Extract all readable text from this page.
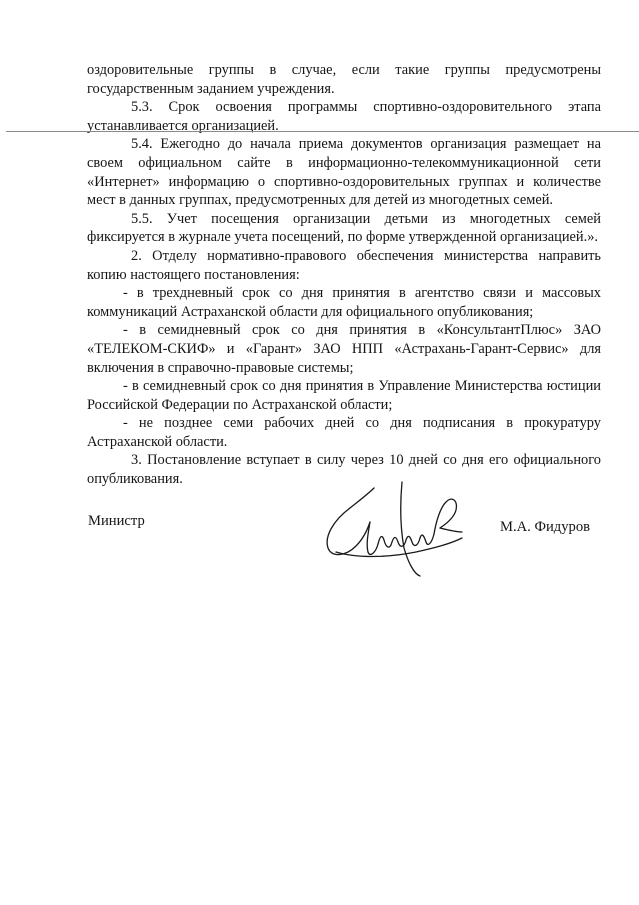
оздоровительные группы в случае, если такие группы предусмотрены государственным заданием учреждения.

5.3. Срок освоения программы спортивно-оздоровительного этапа устанавливается организацией.

5.4. Ежегодно до начала приема документов организация размещает на своем официальном сайте в информационно-телекоммуникационной сети «Интернет» информацию о спортивно-оздоровительных группах и количестве мест в данных группах, предусмотренных для детей из многодетных семей.

5.5. Учет посещения организации детьми из многодетных семей фиксируется в журнале учета посещений, по форме утвержденной организацией.».

2. Отделу нормативно-правового обеспечения министерства направить копию настоящего постановления:

- в трехдневный срок со дня принятия в агентство связи и массовых коммуникаций Астраханской области для официального опубликования;

- в семидневный срок со дня принятия в «КонсультантПлюс» ЗАО «ТЕЛЕКОМ-СКИФ» и «Гарант» ЗАО НПП «Астрахань-Гарант-Сервис» для включения в справочно-правовые системы;

- в семидневный срок со дня принятия в Управление Министерства юстиции Российской Федерации по Астраханской области;

- не позднее семи рабочих дней со дня подписания в прокуратуру Астраханской области.

3. Постановление вступает в силу через 10 дней со дня его официального опубликования.

Министр	М.А. Фидуров
